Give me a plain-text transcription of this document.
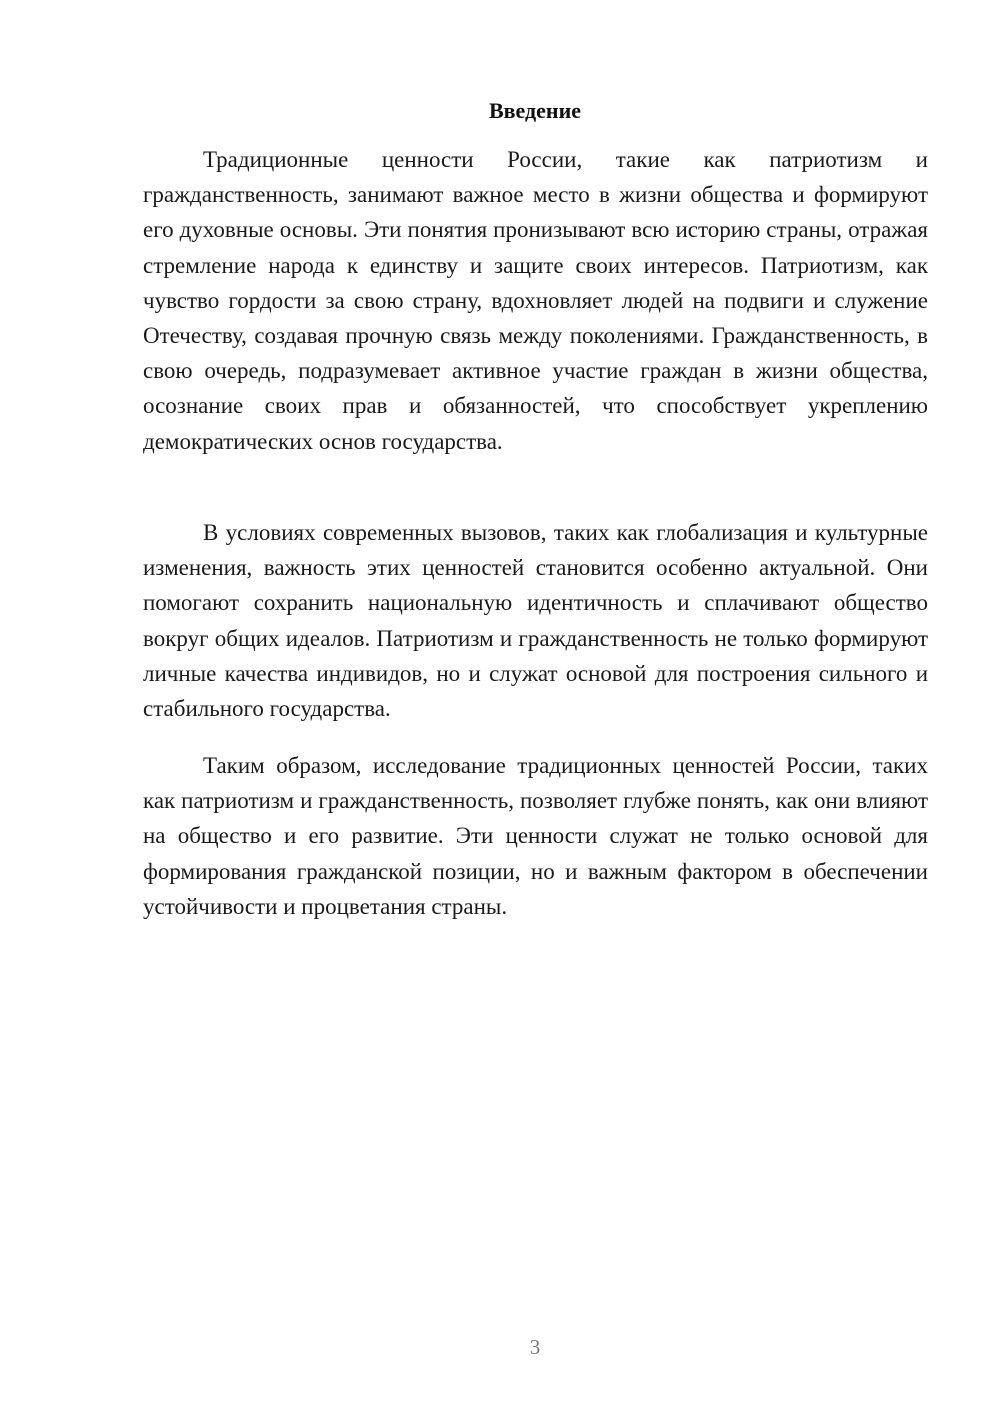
Введение

Традиционные ценности России, такие как патриотизм и гражданственность, занимают важное место в жизни общества и формируют его духовные основы. Эти понятия пронизывают всю историю страны, отражая стремление народа к единству и защите своих интересов. Патриотизм, как чувство гордости за свою страну, вдохновляет людей на подвиги и служение Отечеству, создавая прочную связь между поколениями. Гражданственность, в свою очередь, подразумевает активное участие граждан в жизни общества, осознание своих прав и обязанностей, что способствует укреплению демократических основ государства.

В условиях современных вызовов, таких как глобализация и культурные изменения, важность этих ценностей становится особенно актуальной. Они помогают сохранить национальную идентичность и сплачивают общество вокруг общих идеалов. Патриотизм и гражданственность не только формируют личные качества индивидов, но и служат основой для построения сильного и стабильного государства.

Таким образом, исследование традиционных ценностей России, таких как патриотизм и гражданственность, позволяет глубже понять, как они влияют на общество и его развитие. Эти ценности служат не только основой для формирования гражданской позиции, но и важным фактором в обеспечении устойчивости и процветания страны.

3
